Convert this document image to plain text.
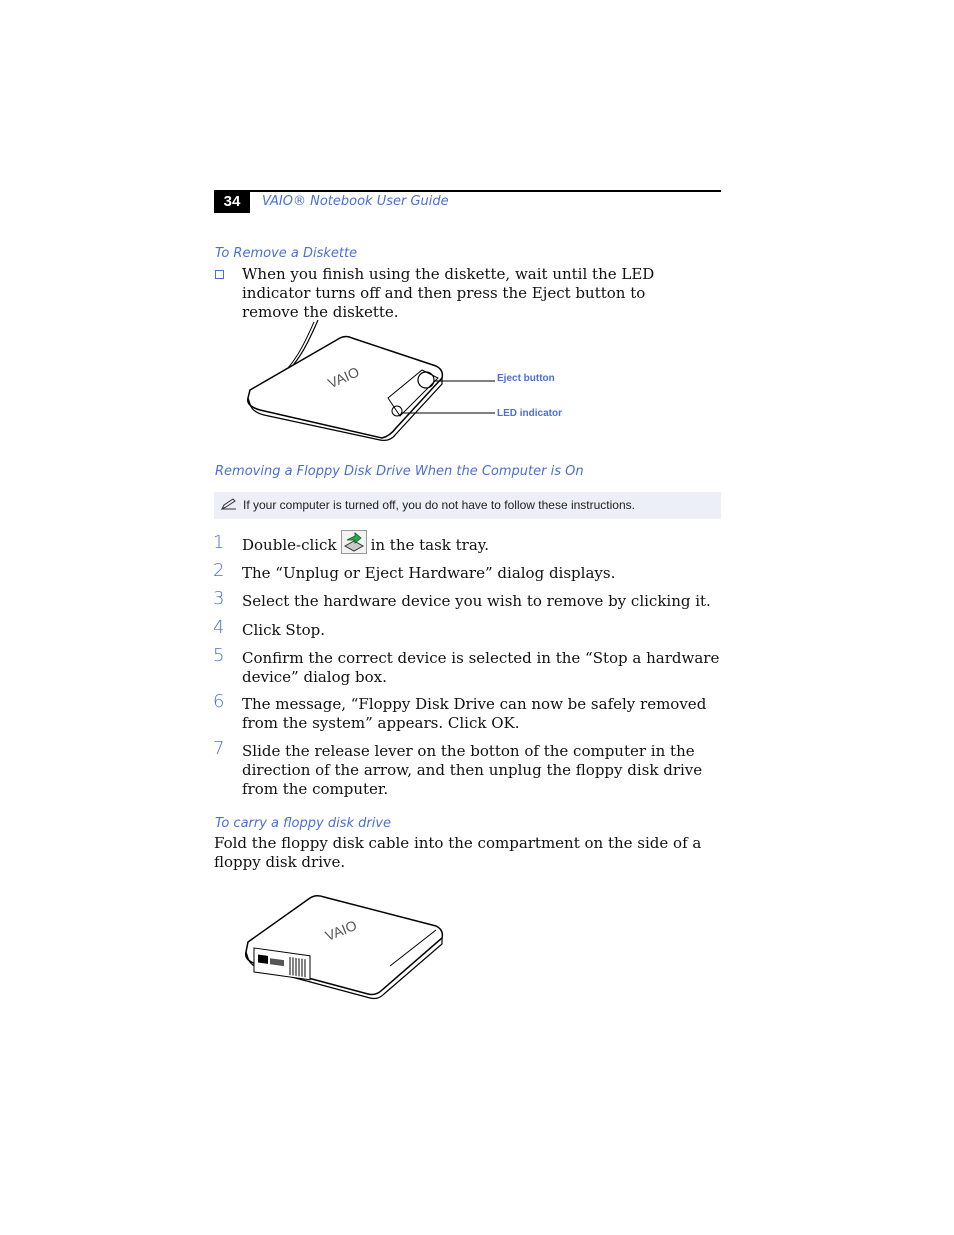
34	VAIO® Notebook User Guide
To Remove a Diskette
When you finish using the diskette, wait until the LED indicator turns off and then press the Eject button to remove the diskette.
VAIO	Eject button
LED indicator
Removing a Floppy Disk Drive When the Computer is On
If your computer is turned off, you do not have to follow these instructions.
1 Double-click in the task tray.
2 The “Unplug or Eject Hardware” dialog displays.
3 Select the hardware device you wish to remove by clicking it.
4 Click Stop.
5 Confirm the correct device is selected in the “Stop a hardware device” dialog box.
6 The message, “Floppy Disk Drive can now be safely removed from the system” appears. Click OK.
7 Slide the release lever on the botton of the computer in the direction of the arrow, and then unplug the floppy disk drive from the computer.
To carry a floppy disk drive
Fold the floppy disk cable into the compartment on the side of a floppy disk drive.
VAIO
